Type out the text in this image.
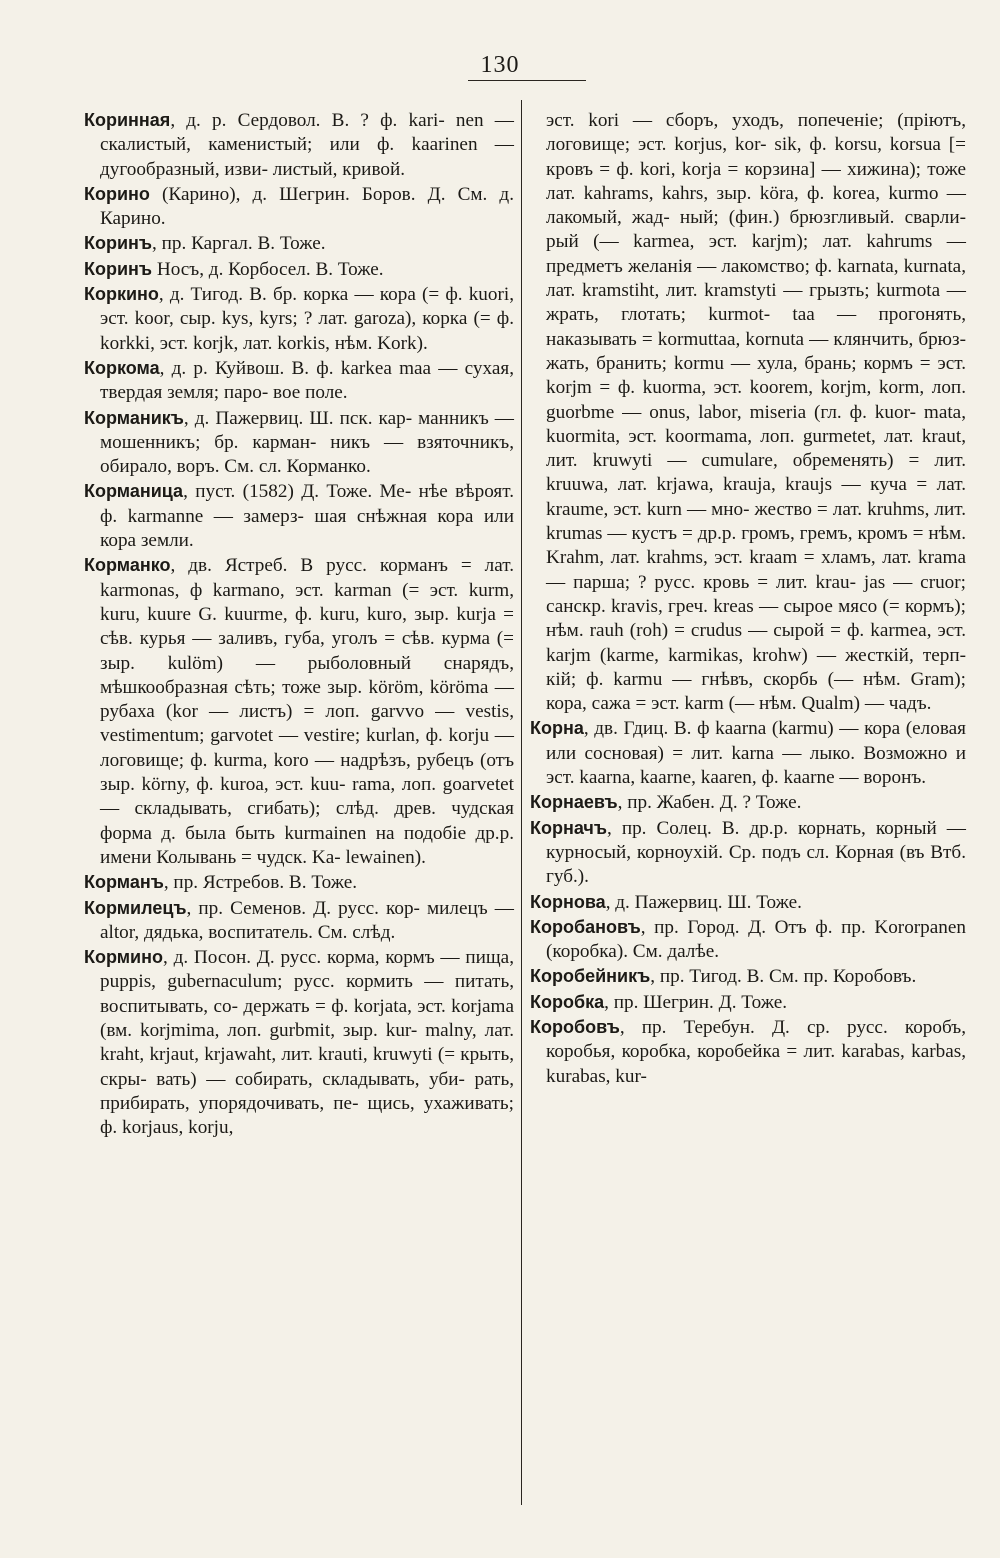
130

Коринная, д. р. Сердовол. В. ? ф. kari- nen — скалистый, каменистый; или ф. kaarinen — дугообразный, изви- листый, кривой.

Корино (Карино), д. Шегрин. Боров. Д. См. д. Карино.

Коринъ, пр. Каргал. В. Тоже.

Коринъ Носъ, д. Корбосел. В. Тоже.

Коркино, д. Тигод. В. бр. корка — кора (= ф. kuori, эст. koor, сыр. kys, kyrs; ? лат. garoza), корка (= ф. korkki, эст. korjk, лат. korkis, нѣм. Kork).

Коркома, д. р. Куйвош. В. ф. karkea maa — сухая, твердая земля; паро- вое поле.

Корманикъ, д. Пажервиц. Ш. пск. кар- манникъ — мошенникъ; бр. карман- никъ — взяточникъ, обирало, воръ. См. сл. Корманко.

Корманица, пуст. (1582) Д. Тоже. Ме- нѣе вѣроят. ф. karmanne — замерз- шая снѣжная кора или кора земли.

Корманко, дв. Ястреб. В русс. корманъ = лат. karmonas, ф karmano, эст. karman (= эст. kurm, kuru, kuure G. kuurme, ф. kuru, kuro, зыр. kurja = сѣв. курья — заливъ, губа, уголъ = сѣв. курма (= зыр. kulöm) — рыболовный снарядъ, мѣшкообразная сѣть; тоже зыр. köröm, köröma — рубаха (kor — листъ) = лоп. garvvo — vestis, vestimentum; garvotet — vestire; kurlan, ф. korju — логовище; ф. kurma, koro — надрѣзъ, рубецъ (отъ зыр. körny, ф. kuroa, эст. kuu- rama, лоп. goarvetet — складывать, сгибать); слѣд. древ. чудская форма д. была быть kurmainen на подобіе др.р. имени Колывань = чудск. Ka- lewainen).

Корманъ, пр. Ястребов. В. Тоже.

Кормилецъ, пр. Семенов. Д. русс. кор- милецъ — altor, дядька, воспитатель. См. слѣд.

Кормино, д. Посон. Д. русс. корма, кормъ — пища, puppis, gubernaculum; русс. кормить — питать, воспитывать, со- держать = ф. korjata, эст. korjama (вм. korjmima, лоп. gurbmit, зыр. kur- malny, лат. kraht, krjaut, krjawaht, лит. krauti, kruwyti (= крыть, скры- вать) — собирать, складывать, уби- рать, прибирать, упорядочивать, пе- щись, ухаживать; ф. korjaus, korju,

эст. kori — сборъ, уходъ, попеченіе; (пріютъ, логовище; эст. korjus, kor- sik, ф. korsu, korsua [= кровъ = ф. kori, korja = корзина] — хижина); тоже лат. kahrams, kahrs, зыр. köra, ф. korea, kurmo — лакомый, жад- ный; (фин.) брюзгливый. сварли- рый (— karmea, эст. karjm); лат. kahrums — предметъ желанія — лакомство; ф. karnata, kurnata, лат. kramstiht, лит. kramstyti — грызть; kurmota — жрать, глотать; kurmot- taa — прогонять, наказывать = kormuttaa, kornuta — клянчить, брюз- жать, бранить; kormu — хула, брань; кормъ = эст. korjm = ф. kuorma, эст. koorem, korjm, korm, лоп. guorbme — onus, labor, miseria (гл. ф. kuor- mata, kuormita, эст. koormama, лоп. gurmetet, лат. kraut, лит. kruwyti — cumulare, обременять) = лит. kruuwa, лат. krjawa, krauja, kraujs — куча = лат. kraume, эст. kurn — мно- жество = лат. kruhms, лит. krumas — кустъ = др.р. громъ, гремъ, кромъ = нѣм. Krahm, лат. krahms, эст. kraam = хламъ, лат. krama — парша; ? русс. кровь = лит. krau- jas — cruor; санскр. kravis, греч. kreas — сырое мясо (= кормъ); нѣм. rauh (roh) = crudus — сырой = ф. karmea, эст. karjm (karme, karmikas, krohw) — жесткій, терп- кій; ф. karmu — гнѣвъ, скорбь (— нѣм. Gram); кора, сажа = эст. karm (— нѣм. Qualm) — чадъ.

Корна, дв. Гдиц. В. ф kaarna (karmu) — кора (еловая или сосновая) = лит. karna — лыко. Возможно и эст. kaarna, kaarne, kaaren, ф. kaarne — воронъ.

Корнаевъ, пр. Жабен. Д. ? Тоже.

Корначъ, пр. Солец. В. др.р. корнать, корный — курносый, корноухій. Ср. подъ сл. Корная (въ Втб. губ.).

Корнова, д. Пажервиц. Ш. Тоже.

Коробановъ, пр. Город. Д. Отъ ф. пр. Kororpanen (коробка). См. далѣе.

Коробейникъ, пр. Тигод. В. См. пр. Коробовъ.

Коробка, пр. Шегрин. Д. Тоже.

Коробовъ, пр. Теребун. Д. ср. русс. коробъ, коробья, коробка, коробейка = лит. karabas, karbas, kurabas, kur-
